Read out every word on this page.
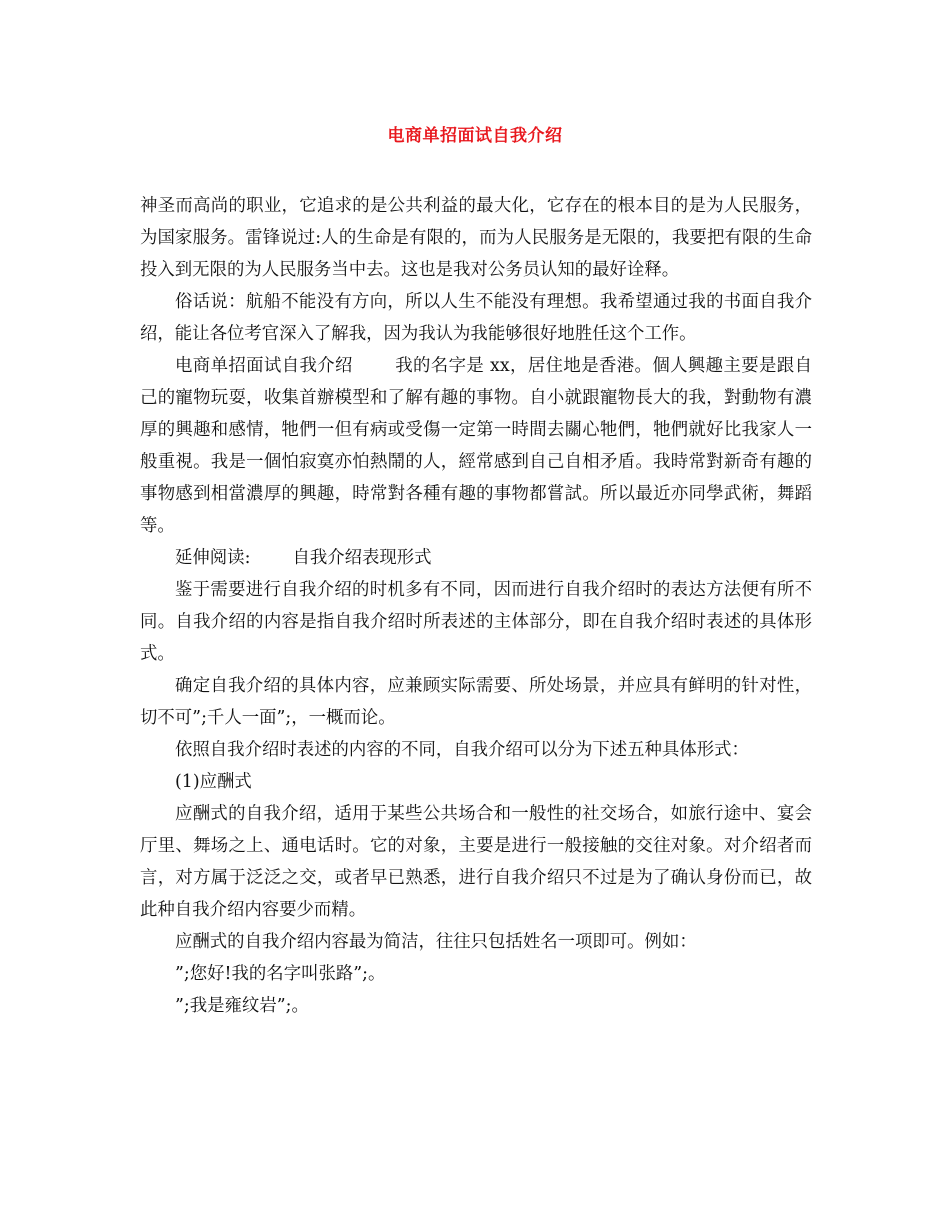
电商单招面试自我介绍

神圣而高尚的职业，它追求的是公共利益的最大化，它存在的根本目的是为人民服务，为国家服务。雷锋说过:人的生命是有限的，而为人民服务是无限的，我要把有限的生命投入到无限的为人民服务当中去。这也是我对公务员认知的最好诠释。

俗话说：航船不能没有方向，所以人生不能没有理想。我希望通过我的书面自我介绍，能让各位考官深入了解我，因为我认为我能够很好地胜任这个工作。

电商单招面试自我介绍 我的名字是 xx，居住地是香港。個人興趣主要是跟自己的寵物玩耍，收集首辦模型和了解有趣的事物。自小就跟寵物長大的我，對動物有濃厚的興趣和感情，牠們一但有病或受傷一定第一時間去關心牠們，牠們就好比我家人一般重視。我是一個怕寂寞亦怕熱鬧的人，經常感到自己自相矛盾。我時常對新奇有趣的事物感到相當濃厚的興趣，時常對各種有趣的事物都嘗試。所以最近亦同學武術，舞蹈等。

延伸阅读: 自我介绍表现形式

鉴于需要进行自我介绍的时机多有不同，因而进行自我介绍时的表达方法便有所不同。自我介绍的内容是指自我介绍时所表述的主体部分，即在自我介绍时表述的具体形式。

确定自我介绍的具体内容，应兼顾实际需要、所处场景，并应具有鲜明的针对性，切不可”;千人一面”;，一概而论。

依照自我介绍时表述的内容的不同，自我介绍可以分为下述五种具体形式：

(1)应酬式

应酬式的自我介绍，适用于某些公共场合和一般性的社交场合，如旅行途中、宴会厅里、舞场之上、通电话时。它的对象，主要是进行一般接触的交往对象。对介绍者而言，对方属于泛泛之交，或者早已熟悉，进行自我介绍只不过是为了确认身份而已，故此种自我介绍内容要少而精。

应酬式的自我介绍内容最为简洁，往往只包括姓名一项即可。例如：

”;您好!我的名字叫张路”;。

”;我是雍纹岩”;。
